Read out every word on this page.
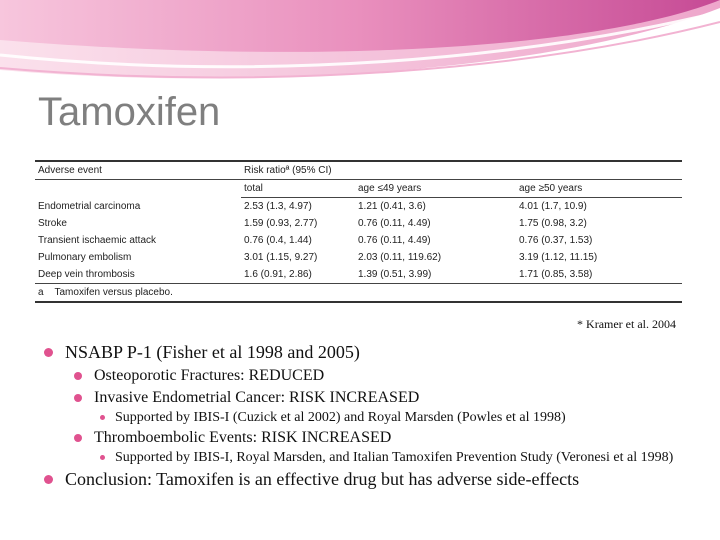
Tamoxifen
Adverse event	Risk ratioª (95% CI)		
	total	age ≤49 years	age ≥50 years
Endometrial carcinoma	2.53 (1.3, 4.97)	1.21 (0.41, 3.6)	4.01 (1.7, 10.9)
Stroke	1.59 (0.93, 2.77)	0.76 (0.11, 4.49)	1.75 (0.98, 3.2)
Transient ischaemic attack	0.76 (0.4, 1.44)	0.76 (0.11, 4.49)	0.76 (0.37, 1.53)
Pulmonary embolism	3.01 (1.15, 9.27)	2.03 (0.11, 119.62)	3.19 (1.12, 11.15)
Deep vein thrombosis	1.6 (0.91, 2.86)	1.39 (0.51, 3.99)	1.71 (0.85, 3.58)
a    Tamoxifen versus placebo.			
* Kramer et al. 2004
NSABP P-1 (Fisher et al 1998 and 2005)
Osteoporotic Fractures: REDUCED
Invasive Endometrial Cancer: RISK INCREASED
Supported by IBIS-I (Cuzick et al 2002) and Royal Marsden (Powles et al 1998)
Thromboembolic Events: RISK INCREASED
Supported by IBIS-I, Royal Marsden, and Italian Tamoxifen Prevention Study (Veronesi et al 1998)
Conclusion: Tamoxifen is an effective drug but has adverse side-effects
